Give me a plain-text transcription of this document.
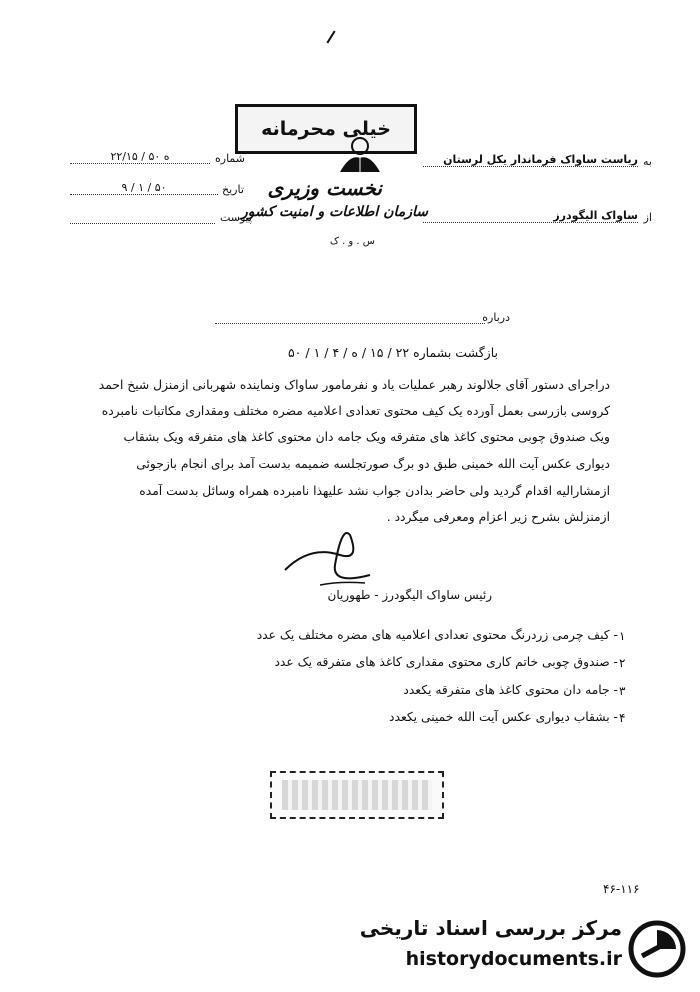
خیلی محرمانه
نخست وزیری
سازمان اطلاعات و امنیت کشور
س . و . ک
شماره
۲۲/۱۵ / ۵۰ ه
تاریخ
۹ / ۱ / ۵۰
پیوست
به
ریاست ساواک فرماندار یکل لرستان
از
ساواک الیگودرز
درباره
بازگشت بشماره ۲۲ / ۱۵ / ه / ۴ / ۱ / ۵۰
دراجرای دستور آقای جلالوند رهبر عملیات یاد و نفرمامور ساواک ونماینده شهربانی ازمنزل شیخ احمد
کروسی بازرسی بعمل آورده یک کیف محتوی تعدادی اعلامیه مضره مختلف ومقداری مکاتبات نامبرده
ویک صندوق چوبی محتوی کاغذ های متفرقه ویک جامه دان محتوی کاغذ های متفرقه ویک بشقاب
دیواری عکس آیت الله خمینی طبق دو برگ صورتجلسه ضمیمه بدست آمد برای انجام بازجوئی
ازمشارالیه اقدام گردید ولی حاضر بدادن جواب نشد علیهذا نامبرده همراه وسائل بدست آمده
ازمنزلش بشرح زیر اعزام ومعرفی میگردد .
رئیس ساواک الیگودرز - طهوریان
۱
- کیف چرمی زردرنگ محتوی تعدادی اعلامیه های مضره مختلف یک عدد
۲
- صندوق چوبی خاتم کاری محتوی مقداری کاغذ های متفرقه یک عدد
۳
- جامه دان محتوی کاغذ های متفرقه یکعدد
۴
- بشقاب دیواری عکس آیت الله خمینی یکعدد
۴۶-۱۱۶
مرکز بررسی اسناد تاریخی
historydocuments.ir
